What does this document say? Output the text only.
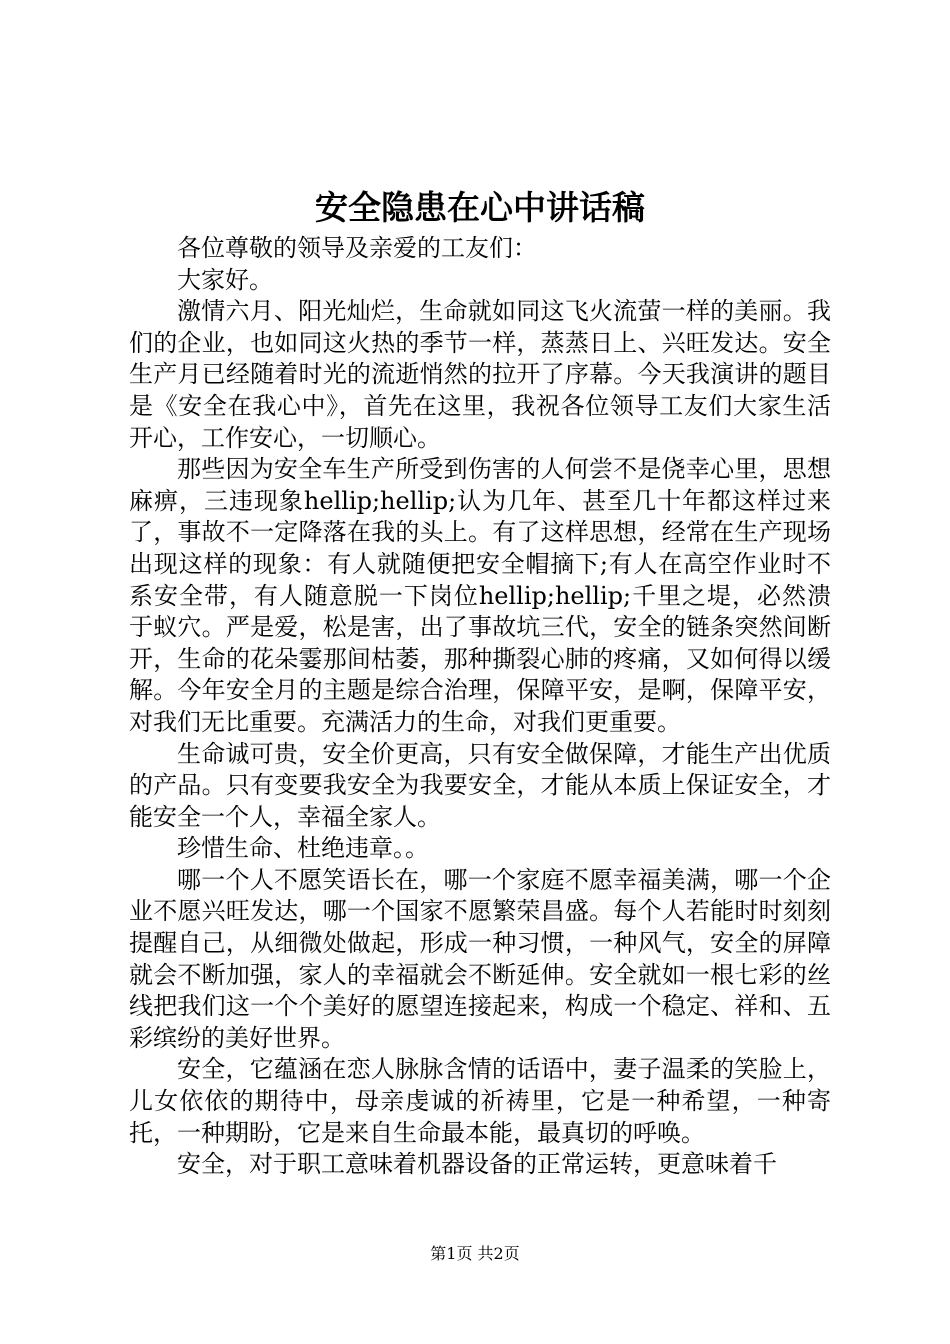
安全隐患在心中讲话稿

各位尊敬的领导及亲爱的工友们：

大家好。

激情六月、阳光灿烂，生命就如同这飞火流萤一样的美丽。我们的企业，也如同这火热的季节一样，蒸蒸日上、兴旺发达。安全生产月已经随着时光的流逝悄然的拉开了序幕。今天我演讲的题目是《安全在我心中》，首先在这里，我祝各位领导工友们大家生活开心，工作安心，一切顺心。

那些因为安全车生产所受到伤害的人何尝不是侥幸心里，思想麻痹，三违现象hellip;hellip;认为几年、甚至几十年都这样过来了，事故不一定降落在我的头上。有了这样思想，经常在生产现场出现这样的现象：有人就随便把安全帽摘下;有人在高空作业时不系安全带，有人随意脱一下岗位hellip;hellip;千里之堤，必然溃于蚁穴。严是爱，松是害，出了事故坑三代，安全的链条突然间断开，生命的花朵霎那间枯萎，那种撕裂心肺的疼痛，又如何得以缓解。今年安全月的主题是综合治理，保障平安，是啊，保障平安，对我们无比重要。充满活力的生命，对我们更重要。

生命诚可贵，安全价更高，只有安全做保障，才能生产出优质的产品。只有变要我安全为我要安全，才能从本质上保证安全，才能安全一个人，幸福全家人。

珍惜生命、杜绝违章。。

哪一个人不愿笑语长在，哪一个家庭不愿幸福美满，哪一个企业不愿兴旺发达，哪一个国家不愿繁荣昌盛。每个人若能时时刻刻提醒自己，从细微处做起，形成一种习惯，一种风气，安全的屏障就会不断加强，家人的幸福就会不断延伸。安全就如一根七彩的丝线把我们这一个个美好的愿望连接起来，构成一个稳定、祥和、五彩缤纷的美好世界。

安全，它蕴涵在恋人脉脉含情的话语中，妻子温柔的笑脸上，儿女依依的期待中，母亲虔诚的祈祷里，它是一种希望，一种寄托，一种期盼，它是来自生命最本能，最真切的呼唤。

安全，对于职工意味着机器设备的正常运转，更意味着千

第1页 共2页
